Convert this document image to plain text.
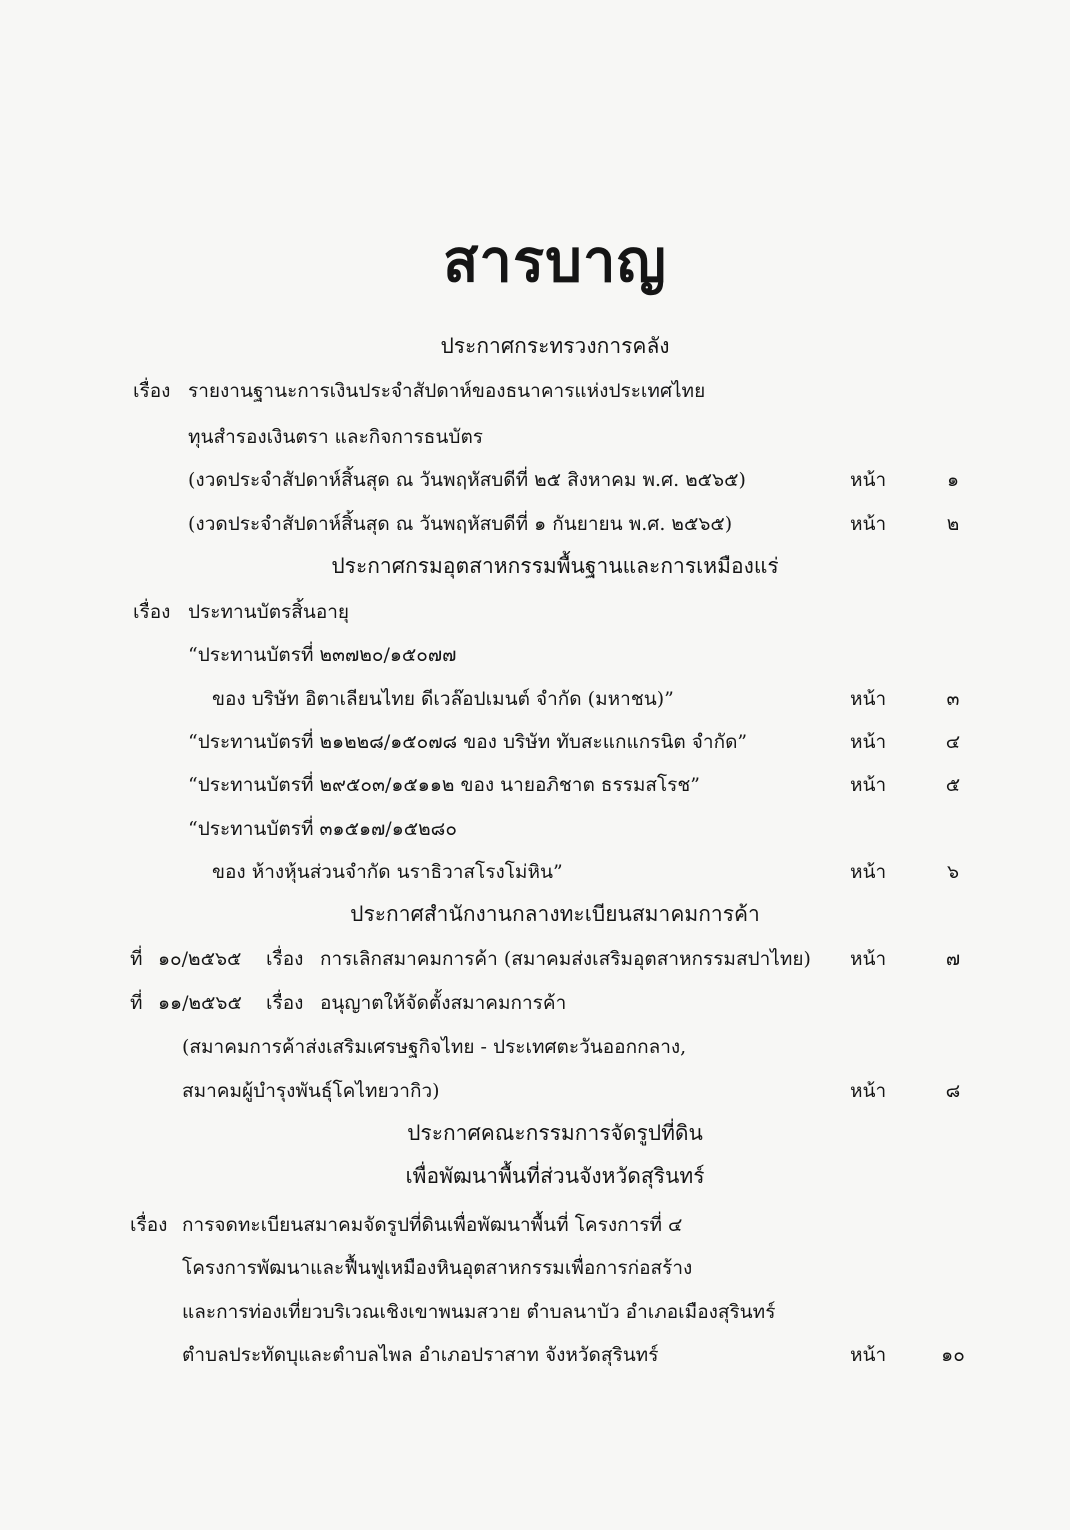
สารบาญ
ประกาศกระทรวงการคลัง
เรื่อง รายงานฐานะการเงินประจำสัปดาห์ของธนาคารแห่งประเทศไทย
ทุนสำรองเงินตรา และกิจการธนบัตร
(งวดประจำสัปดาห์สิ้นสุด ณ วันพฤหัสบดีที่ ๒๕ สิงหาคม พ.ศ. ๒๕๖๕)	หน้า	๑
(งวดประจำสัปดาห์สิ้นสุด ณ วันพฤหัสบดีที่ ๑ กันยายน พ.ศ. ๒๕๖๕)	หน้า	๒
ประกาศกรมอุตสาหกรรมพื้นฐานและการเหมืองแร่
เรื่อง ประทานบัตรสิ้นอายุ
“ประทานบัตรที่ ๒๓๗๒๐/๑๕๐๗๗
ของ บริษัท อิตาเลียนไทย ดีเวล๊อปเมนต์ จำกัด (มหาชน)”	หน้า	๓
“ประทานบัตรที่ ๒๑๒๒๘/๑๕๐๗๘ ของ บริษัท ทับสะแกแกรนิต จำกัด”	หน้า	๔
“ประทานบัตรที่ ๒๙๕๐๓/๑๕๑๑๒ ของ นายอภิชาต ธรรมสโรช”	หน้า	๕
“ประทานบัตรที่ ๓๑๕๑๗/๑๕๒๘๐
ของ ห้างหุ้นส่วนจำกัด นราธิวาสโรงโม่หิน”	หน้า	๖
ประกาศสำนักงานกลางทะเบียนสมาคมการค้า
ที่ ๑๐/๒๕๖๕ เรื่อง การเลิกสมาคมการค้า (สมาคมส่งเสริมอุตสาหกรรมสปาไทย) หน้า	๗
ที่ ๑๑/๒๕๖๕ เรื่อง อนุญาตให้จัดตั้งสมาคมการค้า
(สมาคมการค้าส่งเสริมเศรษฐกิจไทย - ประเทศตะวันออกกลาง,
สมาคมผู้บำรุงพันธุ์โคไทยวากิว)	หน้า	๘
ประกาศคณะกรรมการจัดรูปที่ดิน
เพื่อพัฒนาพื้นที่ส่วนจังหวัดสุรินทร์
เรื่อง การจดทะเบียนสมาคมจัดรูปที่ดินเพื่อพัฒนาพื้นที่ โครงการที่ ๔
โครงการพัฒนาและฟื้นฟูเหมืองหินอุตสาหกรรมเพื่อการก่อสร้าง
และการท่องเที่ยวบริเวณเชิงเขาพนมสวาย ตำบลนาบัว อำเภอเมืองสุรินทร์
ตำบลประทัดบุและตำบลไพล อำเภอปราสาท จังหวัดสุรินทร์	หน้า	๑๐
